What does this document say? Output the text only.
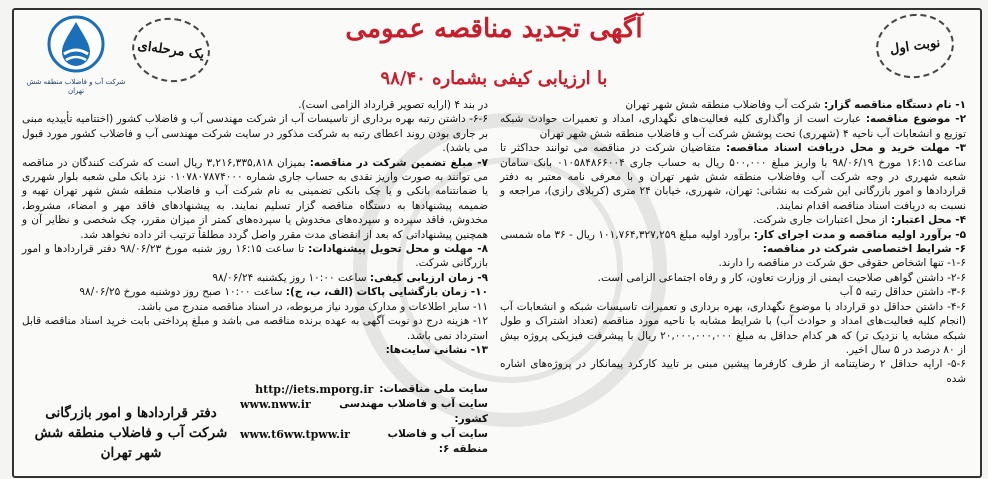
شرکت آب و فاضلاب منطقه شش تهران
یک مرحله‌ای	نوبت اول
آگهی تجدید مناقصه عمومی
با ارزیابی کیفی بشماره ۹۸/۴۰

۱- نام دستگاه مناقصه گزار: شرکت آب وفاضلاب منطقه شش شهر تهران

۲- موضوع مناقصه: عبارت است از واگذاری کلیه فعالیت‌های نگهداری، امداد و تعمیرات حوادث شبکه توزیع و انشعابات آب ناحیه ۴ (شهرری) تحت پوشش شرکت آب و فاضلاب منطقه شش شهر تهران

۳- مهلت خرید و محل دریافت اسناد مناقصه: متقاضیان شرکت در مناقصه می توانند حداکثر تا ساعت ۱۶:۱۵ مورخ ۹۸/۰۶/۱۹ با واریز مبلغ ۵۰۰,۰۰۰ ریال به حساب جاری ۰۱۰۵۸۴۸۶۶۰۰۴ بانک سامان شعبه شهرری در وجه شرکت آب وفاضلاب منطقه شش شهر تهران و با معرفی نامه معتبر به دفتر قراردادها و امور بازرگانی این شرکت به نشانی: تهران، شهرری، خیابان ۲۴ متری (کربلای رازی)، مراجعه و نسبت به دریافت اسناد مناقصه اقدام نمایند.

۴- محل اعتبار: از محل اعتبارات جاری شرکت.

۵- برآورد اولیه مناقصه و مدت اجرای کار: برآورد اولیه مبلغ ۱۰۱,۷۶۴,۳۲۷,۲۵۹ ریال - ۳۶ ماه شمسی

۶- شرایط اختصاصی شرکت در مناقصه:

۱-۶- تنها اشخاص حقوقی حق شرکت در مناقصه را دارند.

۲-۶- داشتن گواهی صلاحیت ایمنی از وزارت تعاون، کار و رفاه اجتماعی الزامی است.

۳-۶- داشتن حداقل رتبه ۵ آب

۴-۶- داشتن حداقل دو قرارداد با موضوع نگهداری، بهره برداری و تعمیرات تاسیسات شبکه و انشعابات آب (انجام کلیه فعالیت‌های امداد و حوادث آب) با شرایط مشابه با ناحیه مورد مناقصه (تعداد اشتراک و طول شبکه مشابه یا نزدیک تر) که هر کدام حداقل به مبلغ ۲۰,۰۰۰,۰۰۰,۰۰۰ ریال با پیشرفت فیزیکی پروژه بیش از ۸۰ درصد در ۵ سال اخیر.

۵-۶- ارایه حداقل ۲ رضایتنامه از طرف کارفرما پیشین مبنی بر تایید کارکرد پیمانکار در پروژه‌های اشاره شده

در بند ۴ (ارایه تصویر قرارداد الزامی است).

۶-۶- داشتن رتبه بهره برداری از تاسیسات آب از شرکت مهندسی آب و فاضلاب کشور (اختتامیه تأییدیه مبنی بر جاری بودن روند اعطای رتبه به شرکت مذکور در سایت شرکت مهندسی آب و فاضلاب کشور مورد قبول می باشد).

۷- مبلغ تضمین شرکت در مناقصه: بمیزان ۳,۲۱۶,۳۳۵,۸۱۸ ریال است که شرکت کنندگان در مناقصه می توانند به صورت واریز نقدی به حساب جاری شماره ۰۱۰۷۸۰۷۸۷۴۰۰۰ نزد بانک ملی شعبه بلوار شهرری یا ضمانتنامه بانکی و یا چک بانکی تضمینی به نام شرکت آب و فاضلاب منطقه شش شهر تهران تهیه و ضمیمه پیشنهادها به دستگاه مناقصه گزار تسلیم نمایند. به پیشنهادهای فاقد مهر و امضاء، مشروط، مخدوش، فاقد سپرده و سپرده‌های مخدوش یا سپرده‌های کمتر از میزان مقرر، چک شخصی و نظایر آن و همچنین پیشنهاداتی که بعد از انقضای مدت مقرر واصل گردد مطلقاً ترتیب اثر داده نخواهد شد.

۸- مهلت و محل تحویل پیشنهادات: تا ساعت ۱۶:۱۵ روز شنبه مورخ ۹۸/۰۶/۲۳ دفتر قراردادها و امور بازرگانی شرکت.

۹- زمان ارزیابی کیفی: ساعت ۱۰:۰۰ روز یکشنبه ۹۸/۰۶/۲۴

۱۰- زمان بازگشایی پاکات (الف، ب، ج): ساعت ۱۰:۰۰ صبح روز دوشنبه مورخ ۹۸/۰۶/۲۵

۱۱- سایر اطلاعات و مدارک مورد نیاز مربوطه، در اسناد مناقصه مندرج می باشد.

۱۲- هزینه درج دو نوبت آگهی به عهده برنده مناقصه می باشد و مبلغ پرداختی بابت خرید اسناد مناقصه قابل استرداد نمی باشد.

۱۳- نشانی سایت‌ها:

سایت ملی مناقصات:
http://iets.mporg.ir
سایت آب و فاضلاب مهندسی کشور:
www.nww.ir
سایت آب و فاضلاب منطقه ۶:
www.t6ww.tpww.ir
دفتر قراردادها و امور بازرگانی
شرکت آب و فاضلاب منطقه شش شهر تهران
